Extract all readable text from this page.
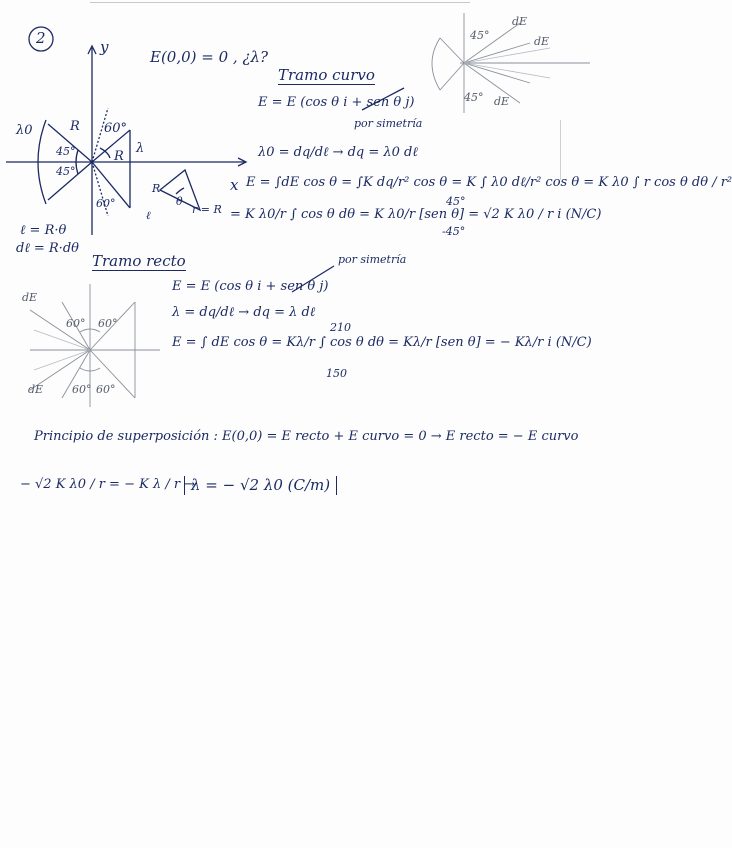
2
E(0,0) = 0 , ¿λ?
y
x
λ0	R
45°
45°
60°
R
λ
60°
R
θ
r = R
ℓ
ℓ = R·θ
dℓ = R·dθ
dE
dE
45°
45° dE
Tramo curvo
E = E (cos θ i + sen θ j)
por simetría
λ0 = dq/dℓ → dq = λ0 dℓ
E = ∫dE cos θ = ∫K dq/r² cos θ = K ∫ λ0 dℓ/r² cos θ = K λ0 ∫ r cos θ dθ / r²
= K λ0/r ∫ cos θ dθ = K λ0/r [sen θ] = √2 K λ0 / r i (N/C)
45°
-45°
Tramo recto	por simetría
E = E (cos θ i + sen θ j)
λ = dq/dℓ → dq = λ dℓ
E = ∫ dE cos θ = Kλ/r ∫ cos θ dθ = Kλ/r [sen θ] = − Kλ/r i (N/C)
210
150
dE
60° 60°
60° 60°
dE
Principio de superposición : E(0,0) = E recto + E curvo = 0 → E recto = − E curvo
− √2 K λ0 / r = − K λ / r →
λ = − √2 λ0 (C/m)
